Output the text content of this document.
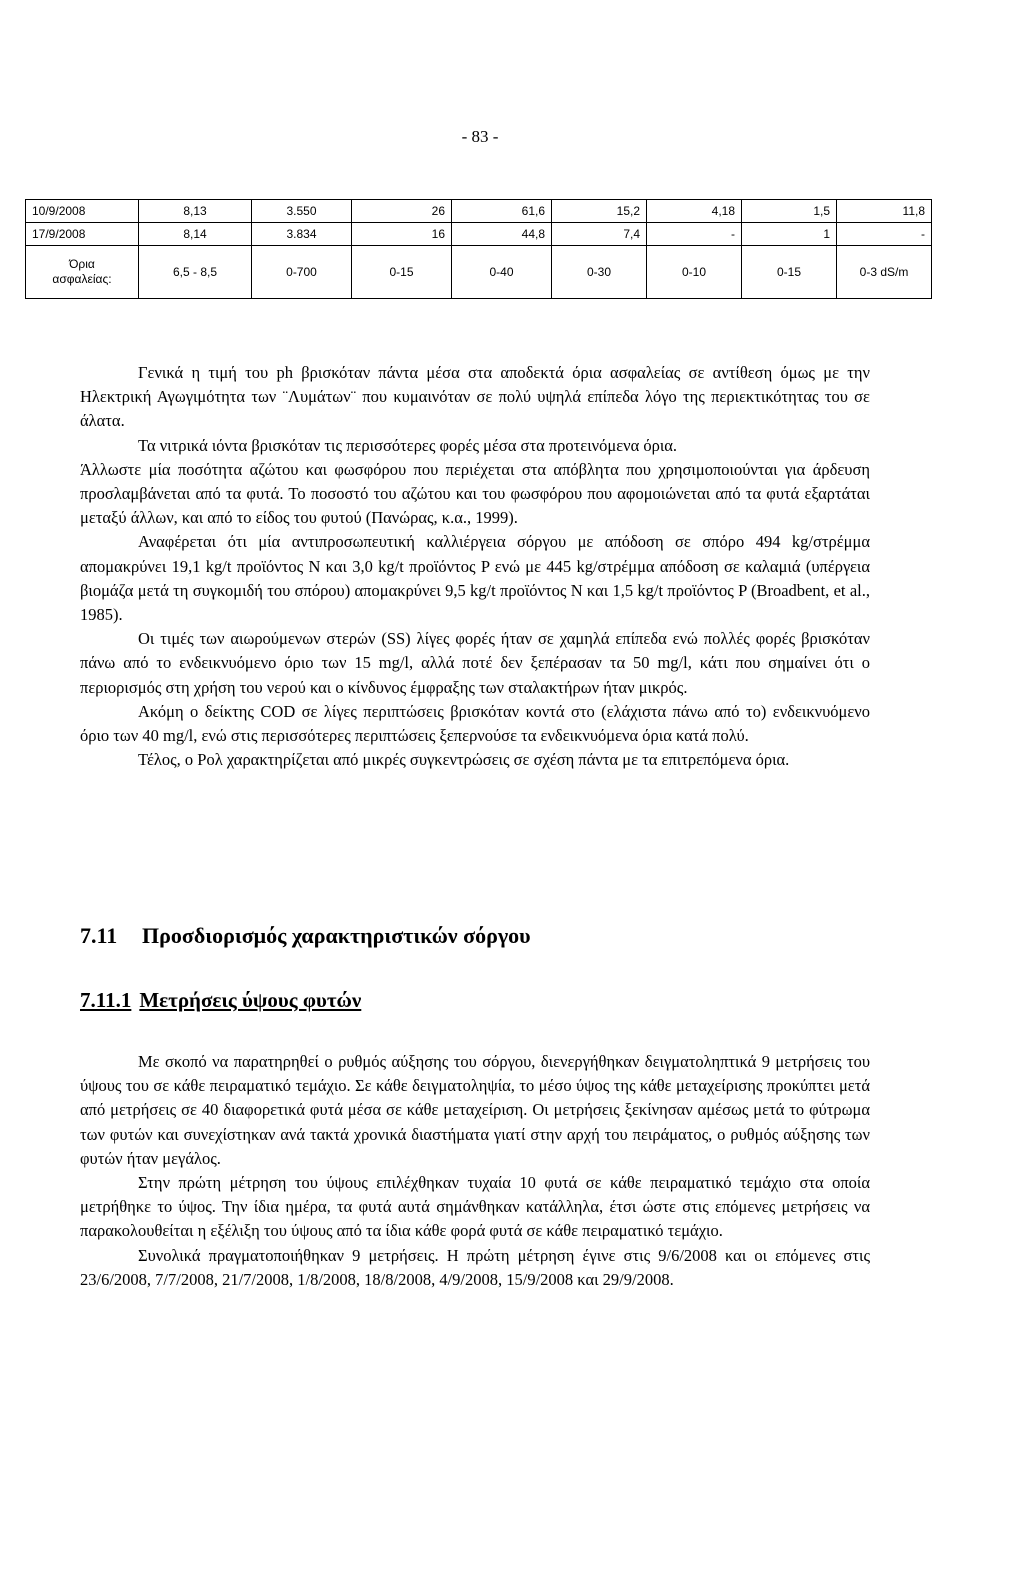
- 83 -
10/9/2008	8,13	3.550	26	61,6	15,2	4,18	1,5	11,8
17/9/2008	8,14	3.834	16	44,8	7,4	-	1	-
Όρια
ασφαλείας:	6,5 - 8,5	0-700	0-15	0-40	0-30	0-10	0-15	0-3 dS/m

Γενικά η τιμή του ph βρισκόταν πάντα μέσα στα αποδεκτά όρια ασφαλείας σε αντίθεση όμως με την Ηλεκτρική Αγωγιμότητα των ¨Λυμάτων¨ που κυμαινόταν σε πολύ υψηλά επίπεδα λόγο της περιεκτικότητας του σε άλατα.

Τα νιτρικά ιόντα βρισκόταν τις περισσότερες φορές μέσα στα προτεινόμενα όρια.

Άλλωστε μία ποσότητα αζώτου και φωσφόρου που περιέχεται στα απόβλητα που χρησιμοποιούνται για άρδευση προσλαμβάνεται από τα φυτά. Το ποσοστό του αζώτου και του φωσφόρου που αφομοιώνεται από τα φυτά εξαρτάται μεταξύ άλλων, και από το είδος του φυτού (Πανώρας, κ.α., 1999).

Αναφέρεται ότι μία αντιπροσωπευτική καλλιέργεια σόργου με απόδοση σε σπόρο 494 kg/στρέμμα απομακρύνει 19,1 kg/t προϊόντος N και 3,0 kg/t προϊόντος P ενώ με 445 kg/στρέμμα απόδοση σε καλαμιά (υπέργεια βιομάζα μετά τη συγκομιδή του σπόρου) απομακρύνει 9,5 kg/t προϊόντος N και 1,5 kg/t προϊόντος P (Broadbent, et al., 1985).

Οι τιμές των αιωρούμενων στερών (SS) λίγες φορές ήταν σε χαμηλά επίπεδα ενώ πολλές φορές βρισκόταν πάνω από το ενδεικνυόμενο όριο των 15 mg/l, αλλά ποτέ δεν ξεπέρασαν τα 50 mg/l, κάτι που σημαίνει ότι ο περιορισμός στη χρήση του νερού και ο κίνδυνος έμφραξης των σταλακτήρων ήταν μικρός.

Ακόμη ο δείκτης COD σε λίγες περιπτώσεις βρισκόταν κοντά στο (ελάχιστα πάνω από το) ενδεικνυόμενο όριο των 40 mg/l, ενώ στις περισσότερες περιπτώσεις ξεπερνούσε τα ενδεικνυόμενα όρια κατά πολύ.

Τέλος, ο Ρολ χαρακτηρίζεται από μικρές συγκεντρώσεις σε σχέση πάντα με τα επιτρεπόμενα όρια.

7.11 Προσδιορισμός χαρακτηριστικών σόργου
7.11.1 Μετρήσεις ύψους φυτών

Με σκοπό να παρατηρηθεί ο ρυθμός αύξησης του σόργου, διενεργήθηκαν δειγματοληπτικά 9 μετρήσεις του ύψους του σε κάθε πειραματικό τεμάχιο. Σε κάθε δειγματοληψία, το μέσο ύψος της κάθε μεταχείρισης προκύπτει μετά από μετρήσεις σε 40 διαφορετικά φυτά μέσα σε κάθε μεταχείριση. Οι μετρήσεις ξεκίνησαν αμέσως μετά το φύτρωμα των φυτών και συνεχίστηκαν ανά τακτά χρονικά διαστήματα γιατί στην αρχή του πειράματος, ο ρυθμός αύξησης των φυτών ήταν μεγάλος.

Στην πρώτη μέτρηση του ύψους επιλέχθηκαν τυχαία 10 φυτά σε κάθε πειραματικό τεμάχιο στα οποία μετρήθηκε το ύψος. Την ίδια ημέρα, τα φυτά αυτά σημάνθηκαν κατάλληλα, έτσι ώστε στις επόμενες μετρήσεις να παρακολουθείται η εξέλιξη του ύψους από τα ίδια κάθε φορά φυτά σε κάθε πειραματικό τεμάχιο.

Συνολικά πραγματοποιήθηκαν 9 μετρήσεις. Η πρώτη μέτρηση έγινε στις 9/6/2008 και οι επόμενες στις 23/6/2008, 7/7/2008, 21/7/2008, 1/8/2008, 18/8/2008, 4/9/2008, 15/9/2008 και 29/9/2008.
